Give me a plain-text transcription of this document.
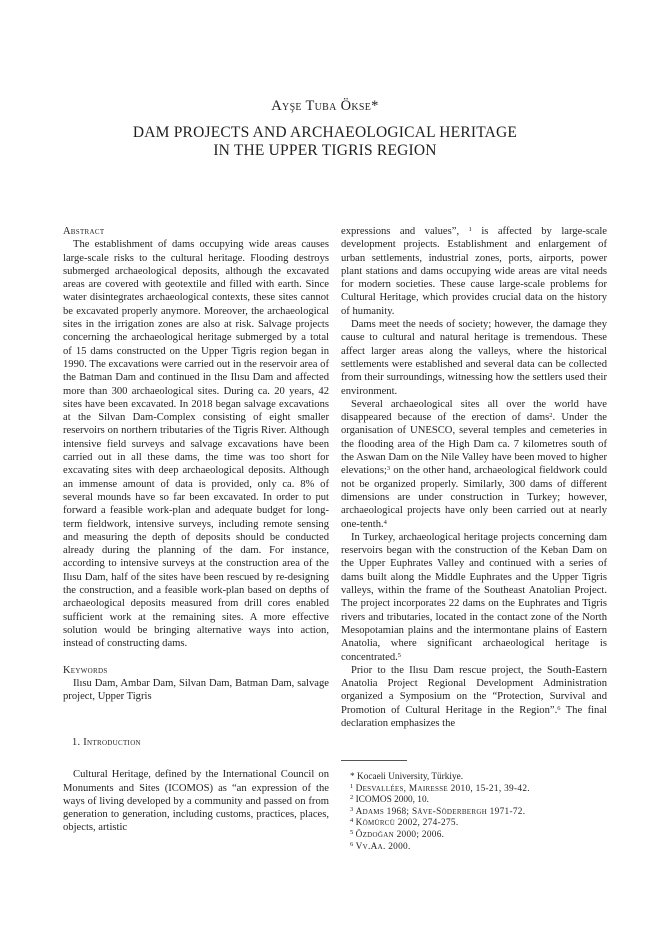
Ayşe Tuba Ökse*
DAM PROJECTS AND ARCHAEOLOGICAL HERITAGE
IN THE UPPER TIGRIS REGION

Abstract

The establishment of dams occupying wide areas causes large-scale risks to the cultural heritage. Flooding destroys submerged archaeological deposits, although the excavated areas are covered with geotextile and filled with earth. Since water disintegrates archaeological contexts, these sites cannot be excavated properly anymore. Moreover, the archaeological sites in the irrigation zones are also at risk. Salvage projects concerning the archaeological heritage submerged by a total of 15 dams constructed on the Upper Tigris region began in 1990. The excavations were carried out in the reservoir area of the Batman Dam and continued in the Ilısu Dam and affected more than 300 archaeological sites. During ca. 20 years, 42 sites have been excavated. In 2018 began salvage excavations at the Silvan Dam-Complex consisting of eight smaller reservoirs on northern tributaries of the Tigris River. Although intensive field surveys and salvage excavations have been carried out in all these dams, the time was too short for excavating sites with deep archaeological deposits. Although an immense amount of data is provided, only ca. 8% of several mounds have so far been excavated. In order to put forward a feasible work-plan and adequate budget for long-term fieldwork, intensive surveys, including remote sensing and measuring the depth of deposits should be conducted already during the planning of the dam. For instance, according to intensive surveys at the construction area of the Ilısu Dam, half of the sites have been rescued by re-designing the construction, and a feasible work-plan based on depths of archaeological deposits measured from drill cores enabled sufficient work at the remaining sites. A more effective solution would be bringing alternative ways into action, instead of constructing dams.

Keywords

Ilısu Dam, Ambar Dam, Silvan Dam, Batman Dam, salvage project, Upper Tigris

1. Introduction

Cultural Heritage, defined by the International Council on Monuments and Sites (ICOMOS) as “an expression of the ways of living developed by a community and passed on from generation to generation, including customs, practices, places, objects, artistic

expressions and values”, $^1$ is affected by large-scale development projects. Establishment and enlargement of urban settlements, industrial zones, ports, airports, power plant stations and dams occupying wide areas are vital needs for modern societies. These cause large-scale problems for Cultural Heritage, which provides crucial data on the history of humanity.

Dams meet the needs of society; however, the damage they cause to cultural and natural heritage is tremendous. These affect larger areas along the valleys, where the historical settlements were established and several data can be collected from their surroundings, witnessing how the settlers used their environment.

Several archaeological sites all over the world have disappeared because of the erection of dams$^2$. Under the organisation of UNESCO, several temples and cemeteries in the flooding area of the High Dam ca. 7 kilometres south of the Aswan Dam on the Nile Valley have been moved to higher elevations;$^3$ on the other hand, archaeological fieldwork could not be organized properly. Similarly, 300 dams of different dimensions are under construction in Turkey; however, archaeological projects have only been carried out at nearly one-tenth.$^4$

In Turkey, archaeological heritage projects concerning dam reservoirs began with the construction of the Keban Dam on the Upper Euphrates Valley and continued with a series of dams built along the Middle Euphrates and the Upper Tigris valleys, within the frame of the Southeast Anatolian Project. The project incorporates 22 dams on the Euphrates and Tigris rivers and tributaries, located in the contact zone of the North Mesopotamian plains and the intermontane plains of Eastern Anatolia, where significant archaeological heritage is concentrated.$^5$

Prior to the Ilısu Dam rescue project, the South-Eastern Anatolia Project Regional Development Administration organized a Symposium on the “Protection, Survival and Promotion of Cultural Heritage in the Region”.$^6$ The final declaration emphasizes the

* Kocaeli University, Türkiye.
$^1$ Desvallées, Mairesse 2010, 15-21, 39-42.
$^2$ ICOMOS 2000, 10.
$^3$ Adams 1968; Säve-Söderbergh 1971-72.
$^4$ Kömürcü 2002, 274-275.
$^5$ Özdoğan 2000; 2006.
$^6$ Vv.Aa. 2000.
